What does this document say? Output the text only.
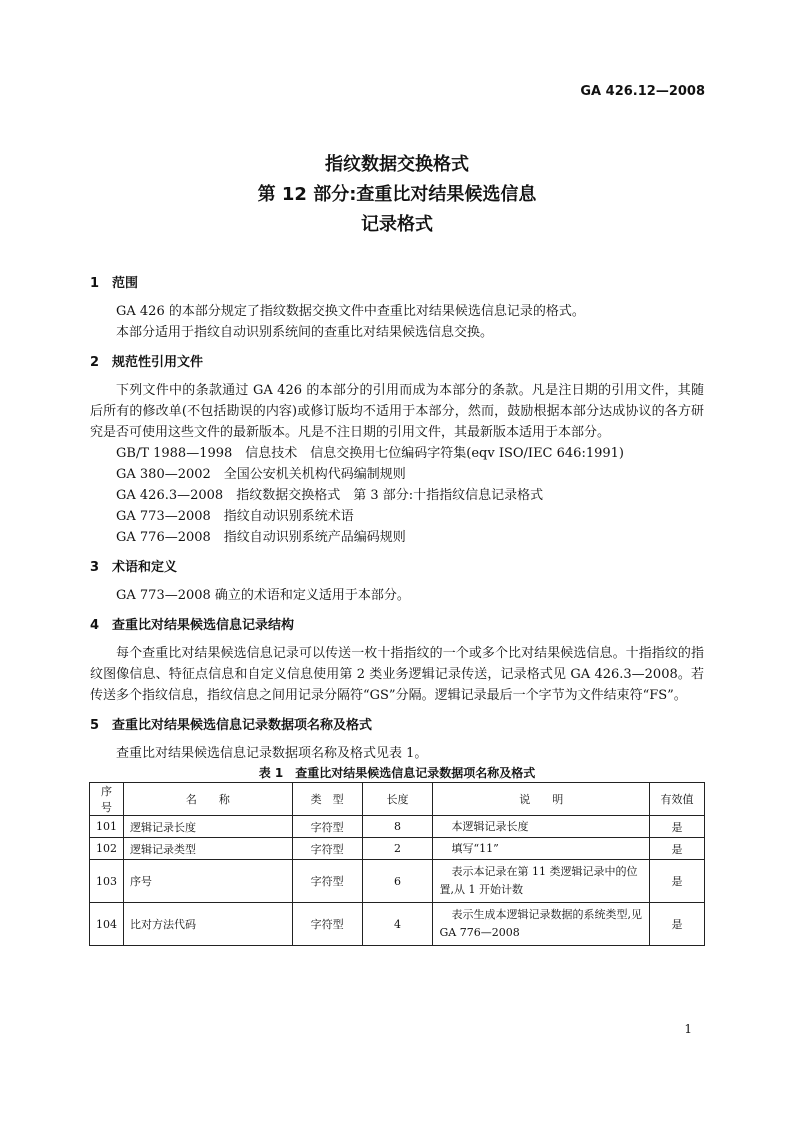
GA 426.12—2008
指纹数据交换格式
第 12 部分:查重比对结果候选信息
记录格式
1 范围

GA 426 的本部分规定了指纹数据交换文件中查重比对结果候选信息记录的格式。

本部分适用于指纹自动识别系统间的查重比对结果候选信息交换。

2 规范性引用文件

下列文件中的条款通过 GA 426 的本部分的引用而成为本部分的条款。凡是注日期的引用文件，其随后所有的修改单(不包括勘误的内容)或修订版均不适用于本部分，然而，鼓励根据本部分达成协议的各方研究是否可使用这些文件的最新版本。凡是不注日期的引用文件，其最新版本适用于本部分。

GB/T 1988—1998　信息技术　信息交换用七位编码字符集(eqv ISO/IEC 646:1991)
GA 380—2002　全国公安机关机构代码编制规则
GA 426.3—2008　指纹数据交换格式　第 3 部分:十指指纹信息记录格式
GA 773—2008　指纹自动识别系统术语
GA 776—2008　指纹自动识别系统产品编码规则
3 术语和定义

GA 773—2008 确立的术语和定义适用于本部分。

4 查重比对结果候选信息记录结构

每个查重比对结果候选信息记录可以传送一枚十指指纹的一个或多个比对结果候选信息。十指指纹的指纹图像信息、特征点信息和自定义信息使用第 2 类业务逻辑记录传送，记录格式见 GA 426.3—2008。若传送多个指纹信息，指纹信息之间用记录分隔符“GS”分隔。逻辑记录最后一个字节为文件结束符“FS”。

5 查重比对结果候选信息记录数据项名称及格式

查重比对结果候选信息记录数据项名称及格式见表 1。

表 1　查重比对结果候选信息记录数据项名称及格式
序号	名　　称	类　型	长度	说　　明	有效值
101	逻辑记录长度	字符型	8	本逻辑记录长度	是
102	逻辑记录类型	字符型	2	填写“11”	是
103	序号	字符型	6	表示本记录在第 11 类逻辑记录中的位置,从 1 开始计数	是
104	比对方法代码	字符型	4	表示生成本逻辑记录数据的系统类型,见 GA 776—2008	是
1
